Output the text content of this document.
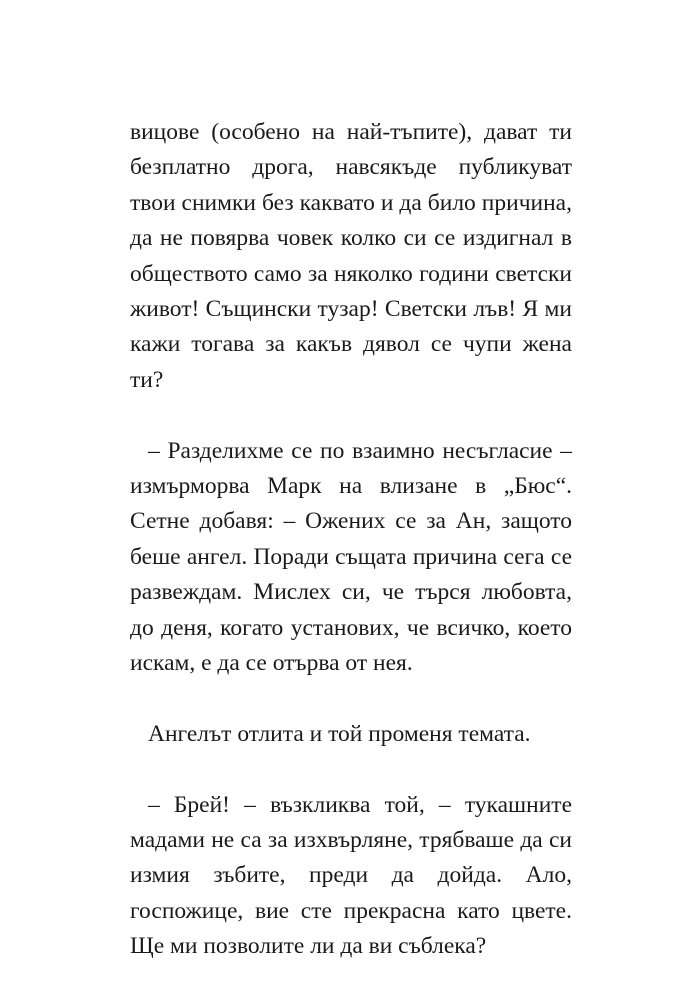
вицове (особено на най-тъпите), дават ти безплатно дрога, навсякъде публикуват твои снимки без каквато и да било причина, да не повярва човек колко си се издигнал в обществото само за няколко години светски живот! Същински тузар! Светски лъв! Я ми кажи тогава за какъв дявол се чупи жена ти?

– Разделихме се по взаимно несъгласие – измърморва Марк на влизане в „Бюс“. Сетне добавя: – Ожених се за Ан, защото беше ангел. Поради същата причина сега се развеждам. Мислех си, че търся любовта, до деня, когато установих, че всичко, което искам, е да се отърва от нея.

Ангелът отлита и той променя темата.

– Брей! – възкликва той, – тукашните мадами не са за изхвърляне, трябваше да си измия зъбите, преди да дойда. Ало, госпожице, вие сте прекрасна като цвете. Ще ми позволите ли да ви съблека?
